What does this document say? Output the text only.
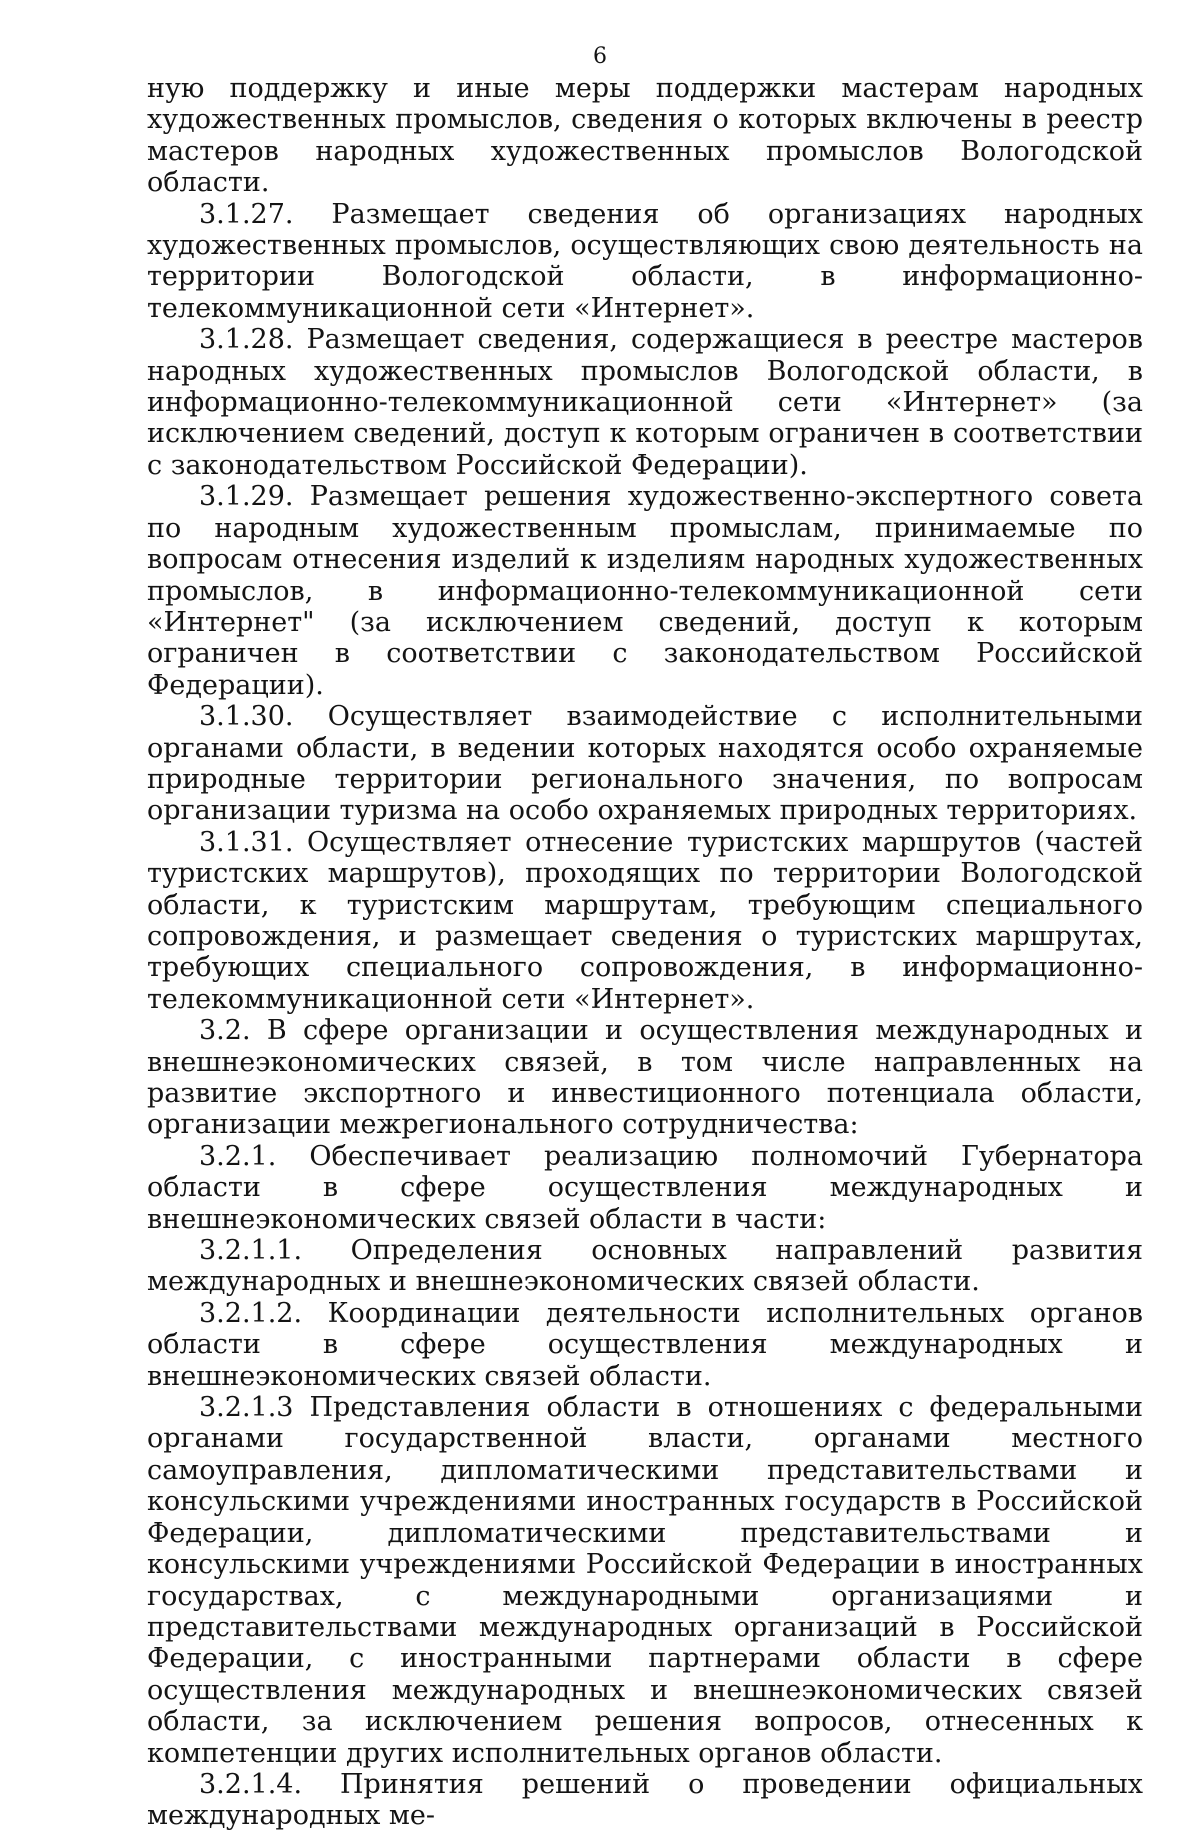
6

ную поддержку и иные меры поддержки мастерам народных художественных промыслов, сведения о которых включены в реестр мастеров народных художественных промыслов Вологодской области.

3.1.27. Размещает сведения об организациях народных художественных промыслов, осуществляющих свою деятельность на территории Вологодской области, в информационно-телекоммуникационной сети «Интернет».

3.1.28. Размещает сведения, содержащиеся в реестре мастеров народных художественных промыслов Вологодской области, в информационно-телекоммуникационной сети «Интернет» (за исключением сведений, доступ к которым ограничен в соответствии с законодательством Российской Федерации).

3.1.29. Размещает решения художественно-экспертного совета по народным художественным промыслам, принимаемые по вопросам отнесения изделий к изделиям народных художественных промыслов, в информационно-телекоммуникационной сети «Интернет" (за исключением сведений, доступ к которым ограничен в соответствии с законодательством Российской Федерации).

3.1.30. Осуществляет взаимодействие с исполнительными органами области, в ведении которых находятся особо охраняемые природные территории регионального значения, по вопросам организации туризма на особо охраняемых природных территориях.

3.1.31. Осуществляет отнесение туристских маршрутов (частей туристских маршрутов), проходящих по территории Вологодской области, к туристским маршрутам, требующим специального сопровождения, и размещает сведения о туристских маршрутах, требующих специального сопровождения, в информационно-телекоммуникационной сети «Интернет».

3.2. В сфере организации и осуществления международных и внешнеэкономических связей, в том числе направленных на развитие экспортного и инвестиционного потенциала области, организации межрегионального сотрудничества:

3.2.1. Обеспечивает реализацию полномочий Губернатора области в сфере осуществления международных и внешнеэкономических связей области в части:

3.2.1.1. Определения основных направлений развития международных и внешнеэкономических связей области.

3.2.1.2. Координации деятельности исполнительных органов области в сфере осуществления международных и внешнеэкономических связей области.

3.2.1.3 Представления области в отношениях с федеральными органами государственной власти, органами местного самоуправления, дипломатическими представительствами и консульскими учреждениями иностранных государств в Российской Федерации, дипломатическими представительствами и консульскими учреждениями Российской Федерации в иностранных государствах, с международными организациями и представительствами международных организаций в Российской Федерации, с иностранными партнерами области в сфере осуществления международных и внешнеэкономических связей области, за исключением решения вопросов, отнесенных к компетенции других исполнительных органов области.

3.2.1.4. Принятия решений о проведении официальных международных ме-
